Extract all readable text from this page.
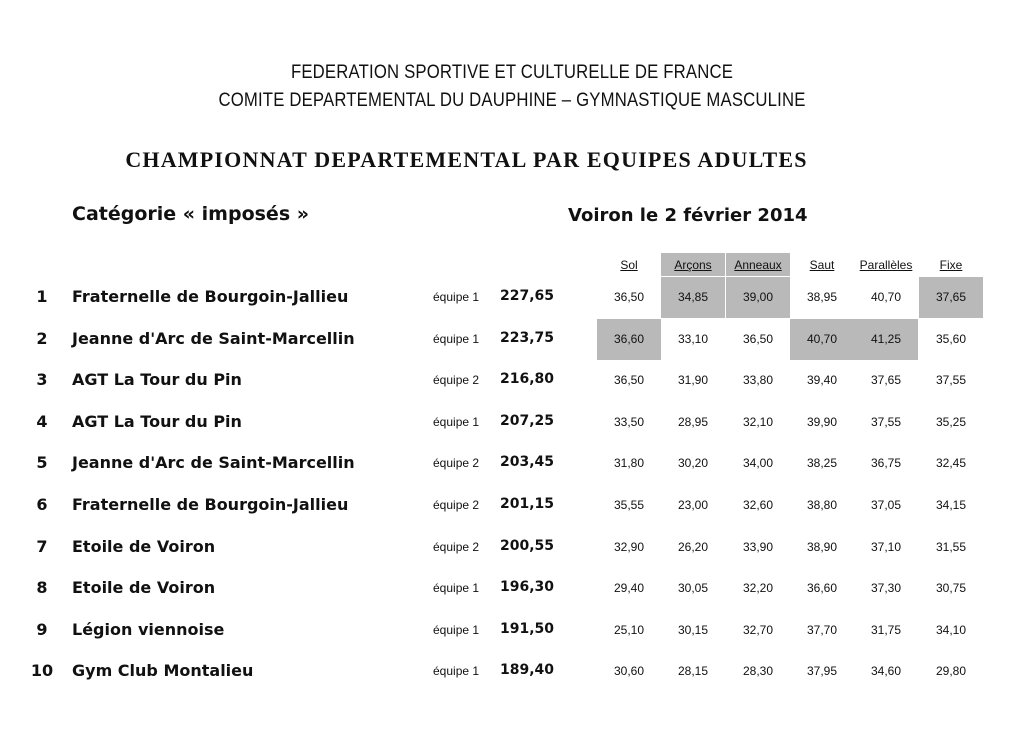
FEDERATION SPORTIVE ET CULTURELLE DE FRANCE
COMITE DEPARTEMENTAL DU DAUPHINE – GYMNASTIQUE MASCULINE
CHAMPIONNAT DEPARTEMENTAL PAR EQUIPES ADULTES
Catégorie « imposés »	Voiron le 2 février 2014
Sol	Arçons	Anneaux	Saut	Parallèles	Fixe
1	Fraternelle de Bourgoin-Jallieu	équipe 1 227,65	36,50	34,85	39,00	38,95	40,70	37,65
2	Jeanne d'Arc de Saint-Marcellin	équipe 1 223,75	36,60	33,10	36,50	40,70	41,25	35,60
3	AGT La Tour du Pin	équipe 2 216,80	36,50	31,90	33,80	39,40	37,65	37,55
4	AGT La Tour du Pin	équipe 1 207,25	33,50	28,95	32,10	39,90	37,55	35,25
5	Jeanne d'Arc de Saint-Marcellin	équipe 2 203,45	31,80	30,20	34,00	38,25	36,75	32,45
6	Fraternelle de Bourgoin-Jallieu	équipe 2 201,15	35,55	23,00	32,60	38,80	37,05	34,15
7	Etoile de Voiron	équipe 2 200,55	32,90	26,20	33,90	38,90	37,10	31,55
8	Etoile de Voiron	équipe 1 196,30	29,40	30,05	32,20	36,60	37,30	30,75
9	Légion viennoise	équipe 1 191,50	25,10	30,15	32,70	37,70	31,75	34,10
10 Gym Club Montalieu	équipe 1 189,40	30,60	28,15	28,30	37,95	34,60	29,80
